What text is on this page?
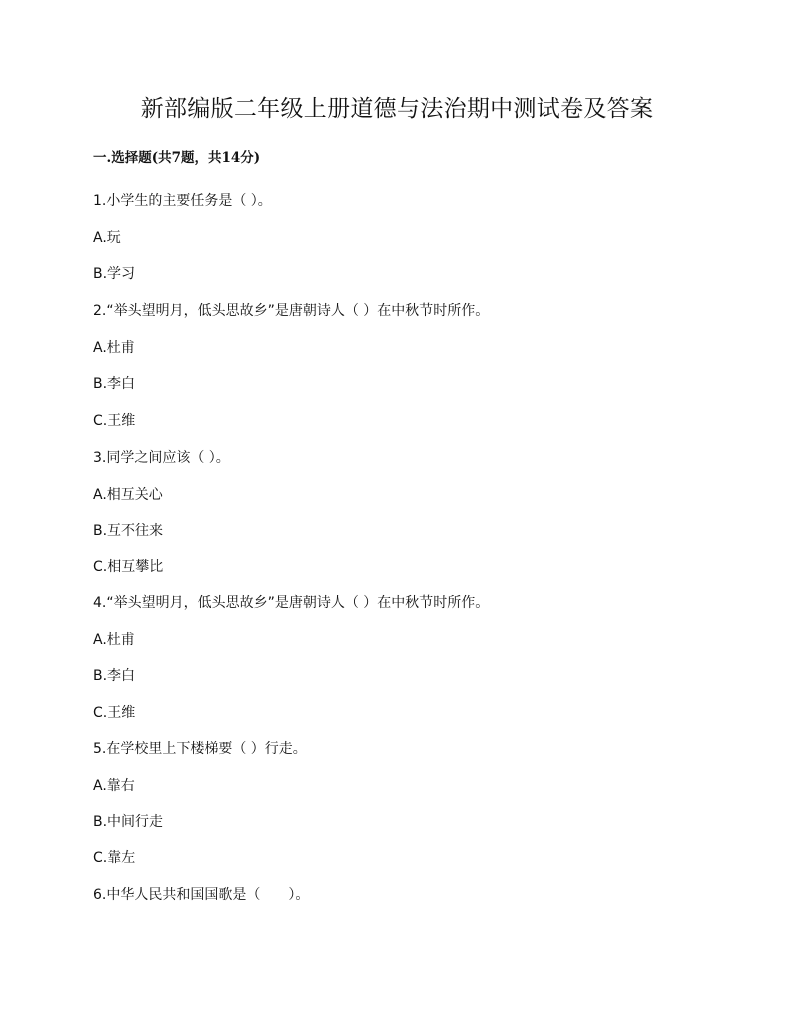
新部编版二年级上册道德与法治期中测试卷及答案
一.选择题(共7题，共14分)
1.小学生的主要任务是（ ）。
A.玩
B.学习
2.“举头望明月，低头思故乡”是唐朝诗人（ ）在中秋节时所作。
A.杜甫
B.李白
C.王维
3.同学之间应该（ ）。
A.相互关心
B.互不往来
C.相互攀比
4.“举头望明月，低头思故乡”是唐朝诗人（ ）在中秋节时所作。
A.杜甫
B.李白
C.王维
5.在学校里上下楼梯要（ ）行走。
A.靠右
B.中间行走
C.靠左
6.中华人民共和国国歌是（　　）。
